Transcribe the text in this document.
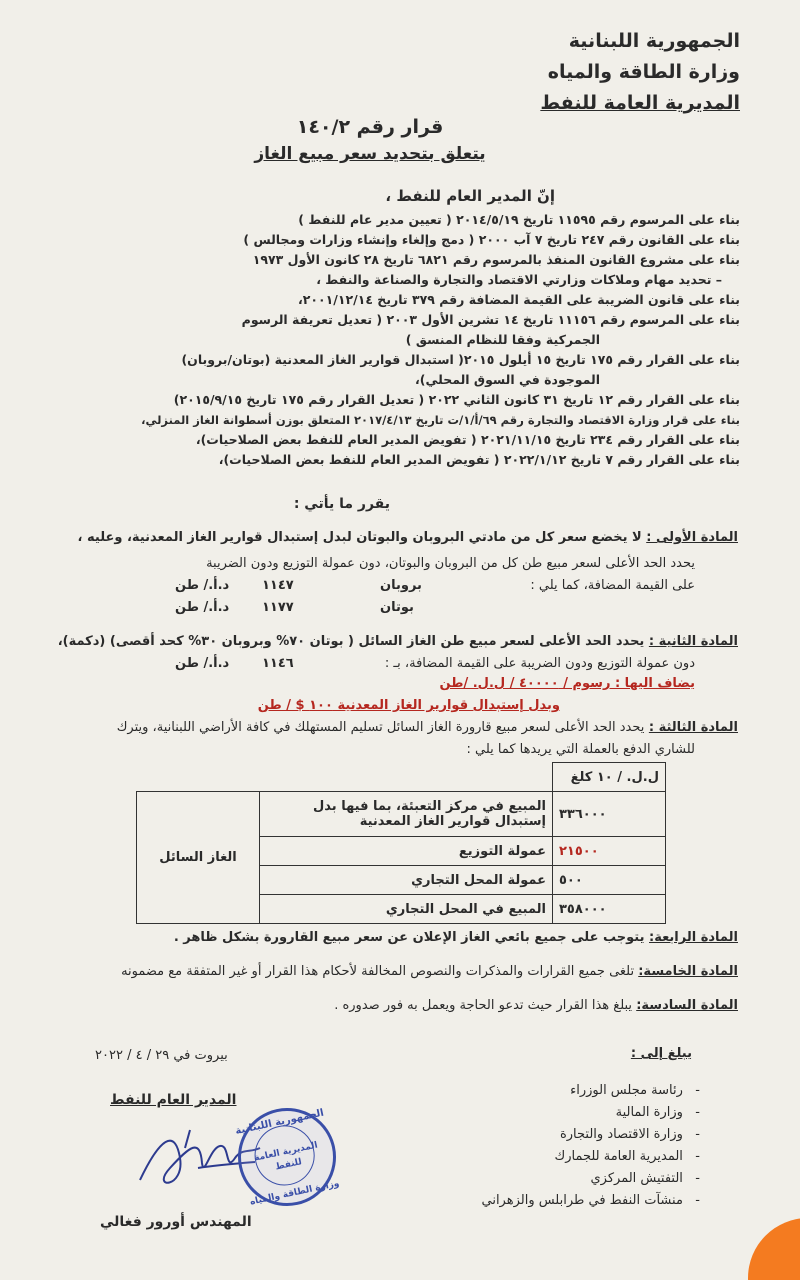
الجمهورية اللبنانية
وزارة الطاقة والمياه
المديرية العامة للنفط
قرار رقم ١٤٠/٢
يتعلق بتحديد سعر مبيع الغاز
إنّ المدير العام للنفط ،
بناء على المرسوم رقم ١١٥٩٥ تاريخ ٢٠١٤/٥/١٩ ( تعيين مدير عام للنفط )
بناء على القانون رقم ٢٤٧ تاريخ ٧ آب ٢٠٠٠ ( دمج وإلغاء وإنشاء وزارات ومجالس )
بناء على مشروع القانون المنفذ بالمرسوم رقم ٦٨٢١ تاريخ ٢٨ كانون الأول ١٩٧٣
– تحديد مهام وملاكات وزارتي الاقتصاد والتجارة والصناعة والنفط ،
بناء على قانون الضريبة على القيمة المضافة رقم ٣٧٩ تاريخ ٢٠٠١/١٢/١٤،
بناء على المرسوم رقم ١١١٥٦ تاريخ ١٤ تشرين الأول ٢٠٠٣ ( تعديل تعريفة الرسوم
الجمركية وفقا للنظام المنسق )
بناء على القرار رقم ١٧٥ تاريخ ١٥ أيلول ٢٠١٥( استبدال قوارير الغاز المعدنية (بوتان/بروبان)
الموجودة في السوق المحلي)،
بناء على القرار رقم ١٢ تاريخ ٣١ كانون الثاني ٢٠٢٢ ( تعديل القرار رقم ١٧٥ تاريخ ٢٠١٥/٩/١٥)
بناء على قرار وزارة الاقتصاد والتجارة رقم ٦٩/أ/١/ت تاريخ ٢٠١٧/٤/١٣ المتعلق بوزن أسطوانة الغاز المنزلي،
بناء على القرار رقم ٢٣٤ تاريخ ٢٠٢١/١١/١٥ ( تفويض المدير العام للنفط بعض الصلاحيات)،
بناء على القرار رقم ٧ تاريخ ٢٠٢٢/١/١٢ ( تفويض المدير العام للنفط بعض الصلاحيات)،
يقرر ما يأتي :
المادة الأولى : لا يخضع سعر كل من مادتي البروبان والبوتان لبدل إستبدال قوارير الغاز المعدنية، وعليه ،
يحدد الحد الأعلى لسعر مبيع طن كل من البروبان والبوتان، دون عمولة التوزيع ودون الضريبة
على القيمة المضافة، كما يلي :
بروبان
١١٤٧
د.أ./ طن
بوتان
١١٧٧
د.أ./ طن
المادة الثانية : يحدد الحد الأعلى لسعر مبيع طن الغاز السائل ( بوتان ٧٠% وبروبان ٣٠% كحد أقصى) (دكمة)،
دون عمولة التوزيع ودون الضريبة على القيمة المضافة، بـ :
١١٤٦
د.أ./ طن
يضاف اليها : رسوم / ٤٠٠٠٠ / ل.ل. /طن
وبدل إستبدال قوارير الغاز المعدنية ١٠٠ $ / طن
المادة الثالثة : يحدد الحد الأعلى لسعر مبيع قارورة الغاز السائل تسليم المستهلك في كافة الأراضي اللبنانية، ويترك
للشاري الدفع بالعملة التي يريدها كما يلي :
ل.ل. / ١٠ كلغ		
٣٣٦٠٠٠	المبيع في مركز التعبئة، بما فيها بدل إستبدال قوارير الغاز المعدنية	الغاز السائل
٢١٥٠٠	عمولة التوزيع	
٥٠٠	عمولة المحل التجاري	
٣٥٨٠٠٠	المبيع في المحل التجاري	
المادة الرابعة: يتوجب على جميع بائعي الغاز الإعلان عن سعر مبيع القارورة بشكل ظاهر .
المادة الخامسة: تلغى جميع القرارات والمذكرات والنصوص المخالفة لأحكام هذا القرار أو غير المتفقة مع مضمونه
المادة السادسة: يبلغ هذا القرار حيث تدعو الحاجة ويعمل به فور صدوره .
بيروت في ٢٩ / ٤ / ٢٠٢٢	يبلغ إلى :
-   رئاسة مجلس الوزراء
-   وزارة المالية
-   وزارة الاقتصاد والتجارة
-   المديرية العامة للجمارك
-   التفتيش المركزي
-   منشآت النفط في طرابلس والزهراني
المدير العام للنفط
الجمهورية اللبنانية
المديرية العامة للنفط
وزارة الطاقة والمياه
المهندس أورور فغالي
